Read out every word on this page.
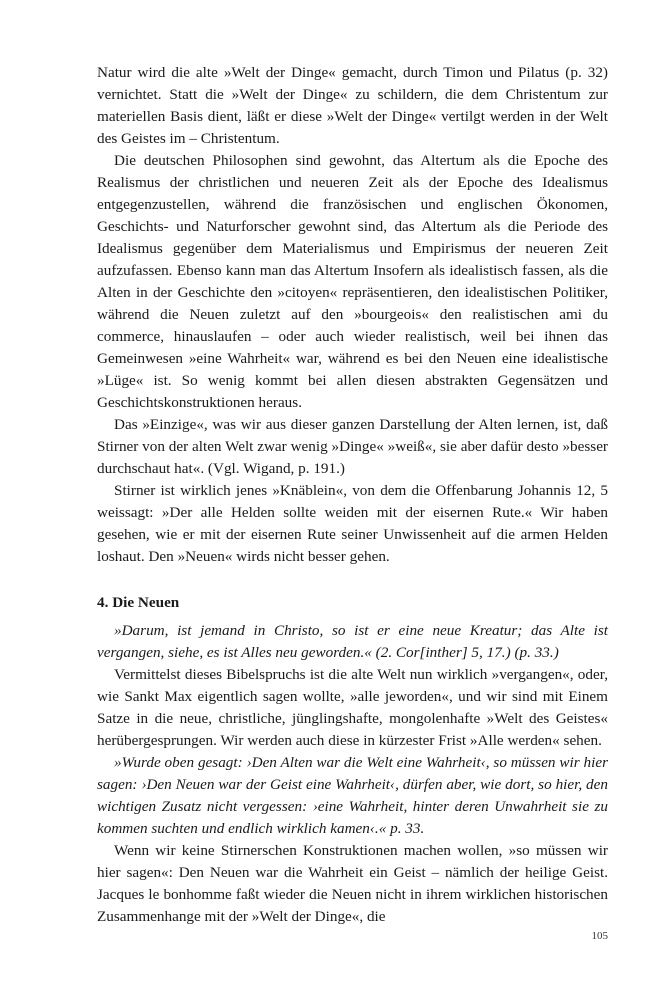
Natur wird die alte »Welt der Dinge« gemacht, durch Timon und Pilatus (p. 32) vernichtet. Statt die »Welt der Dinge« zu schildern, die dem Christentum zur materiellen Basis dient, läßt er diese »Welt der Dinge« vertilgt werden in der Welt des Geistes im – Christentum.

Die deutschen Philosophen sind gewohnt, das Altertum als die Epoche des Realismus der christlichen und neueren Zeit als der Epoche des Idealismus entgegenzustellen, während die französischen und englischen Ökonomen, Geschichts- und Naturforscher gewohnt sind, das Altertum als die Periode des Idealismus gegenüber dem Materialismus und Empirismus der neueren Zeit aufzufassen. Ebenso kann man das Altertum Insofern als idealistisch fassen, als die Alten in der Geschichte den »citoyen« repräsentieren, den idealistischen Politiker, während die Neuen zuletzt auf den »bourgeois« den realistischen ami du commerce, hinauslaufen – oder auch wieder realistisch, weil bei ihnen das Gemeinwesen »eine Wahrheit« war, während es bei den Neuen eine idealistische »Lüge« ist. So wenig kommt bei allen diesen abstrakten Gegensätzen und Geschichtskonstruktionen heraus.

Das »Einzige«, was wir aus dieser ganzen Darstellung der Alten lernen, ist, daß Stirner von der alten Welt zwar wenig »Dinge« »weiß«, sie aber dafür desto »besser durchschaut hat«. (Vgl. Wigand, p. 191.)

Stirner ist wirklich jenes »Knäblein«, von dem die Offenbarung Johannis 12, 5 weissagt: »Der alle Helden sollte weiden mit der eisernen Rute.« Wir haben gesehen, wie er mit der eisernen Rute seiner Unwissenheit auf die armen Helden loshaut. Den »Neuen« wirds nicht besser gehen.

4. Die Neuen

»Darum, ist jemand in Christo, so ist er eine neue Kreatur; das Alte ist vergangen, siehe, es ist Alles neu geworden.« (2. Cor[inther] 5, 17.) (p. 33.)

Vermittelst dieses Bibelspruchs ist die alte Welt nun wirklich »vergangen«, oder, wie Sankt Max eigentlich sagen wollte, »alle jeworden«, und wir sind mit Einem Satze in die neue, christliche, jünglingshafte, mongolenhafte »Welt des Geistes« herübergesprungen. Wir werden auch diese in kürzester Frist »Alle werden« sehen.

»Wurde oben gesagt: ›Den Alten war die Welt eine Wahrheit‹, so müssen wir hier sagen: ›Den Neuen war der Geist eine Wahrheit‹, dürfen aber, wie dort, so hier, den wichtigen Zusatz nicht vergessen: ›eine Wahrheit, hinter deren Unwahrheit sie zu kommen suchten und endlich wirklich kamen‹.« p. 33.

Wenn wir keine Stirnerschen Konstruktionen machen wollen, »so müssen wir hier sagen«: Den Neuen war die Wahrheit ein Geist – nämlich der heilige Geist. Jacques le bonhomme faßt wieder die Neuen nicht in ihrem wirklichen historischen Zusammenhange mit der »Welt der Dinge«, die

105
